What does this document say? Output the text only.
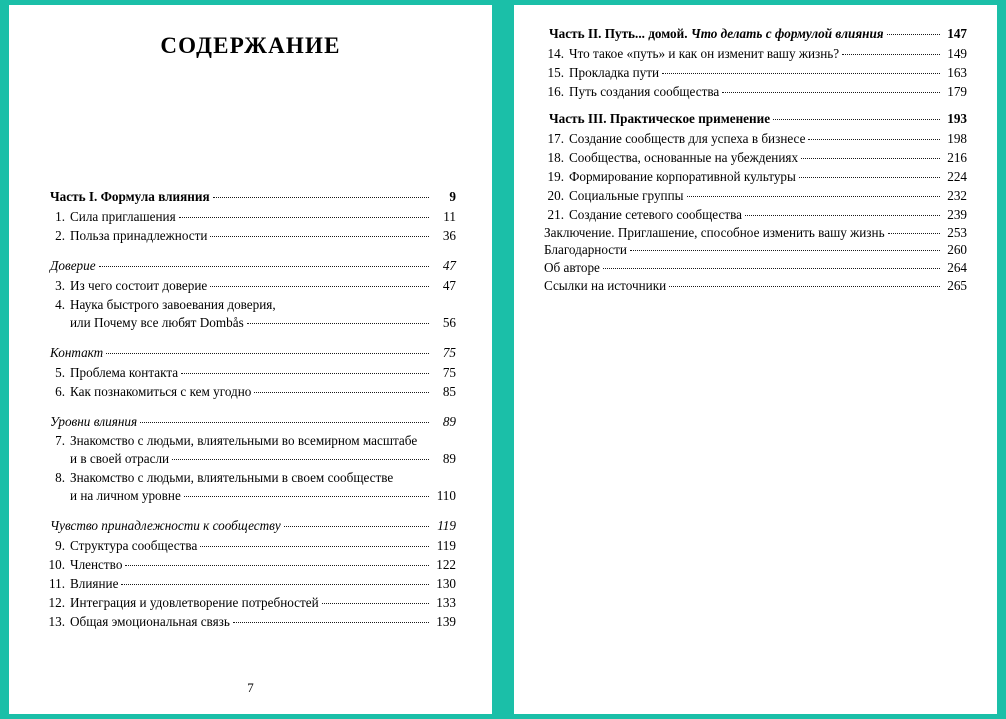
СОДЕРЖАНИЕ
Часть I. Формула влияния	9
1. Сила приглашения	11
2. Польза принадлежности	36
Доверие	47
3. Из чего состоит доверие	47
4. Наука быстрого завоевания доверия,
или Почему все любят Dombås	56
Контакт	75
5. Проблема контакта	75
6. Как познакомиться с кем угодно	85
Уровни влияния	89
7. Знакомство с людьми, влиятельными во всемирном масштабе
и в своей отрасли	89
8. Знакомство с людьми, влиятельными в своем сообществе
и на личном уровне	110
Чувство принадлежности к сообществу	119
9. Структура сообщества	119
10. Членство	122
11. Влияние	130
12. Интеграция и удовлетворение потребностей	133
13. Общая эмоциональная связь	139
7
Часть II. Путь... домой. Что делать с формулой влияния	147
14. Что такое «путь» и как он изменит вашу жизнь?	149
15. Прокладка пути	163
16. Путь создания сообщества	179
Часть III. Практическое применение	193
17. Создание сообществ для успеха в бизнесе	198
18. Сообщества, основанные на убеждениях	216
19. Формирование корпоративной культуры	224
20. Социальные группы	232
21. Создание сетевого сообщества	239
Заключение. Приглашение, способное изменить вашу жизнь	253
Благодарности	260
Об авторе	264
Ссылки на источники	265
